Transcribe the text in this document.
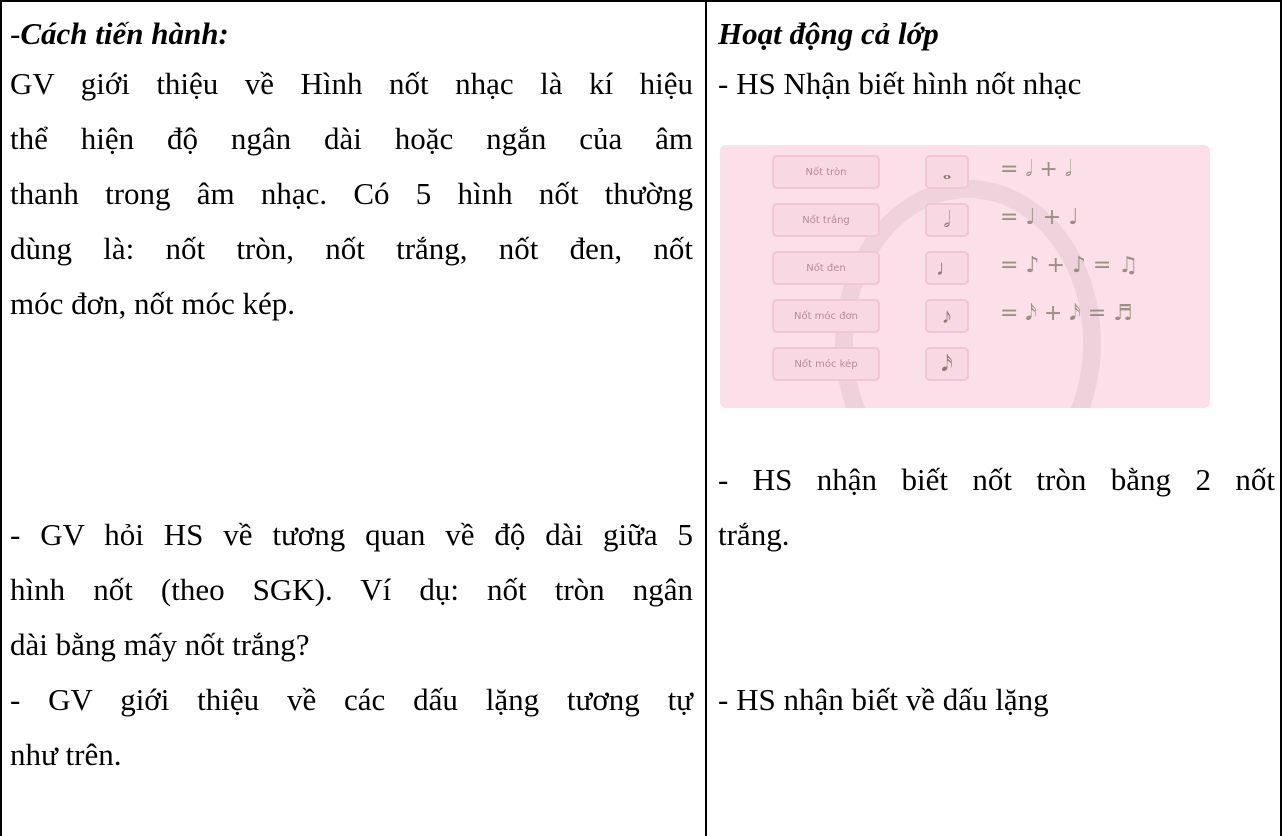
-Cách tiến hành:
GV giới thiệu về Hình nốt nhạc là kí hiệu
thể hiện độ ngân dài hoặc ngắn của âm
thanh trong âm nhạc. Có 5 hình nốt thường
dùng là: nốt tròn, nốt trắng, nốt đen, nốt
móc đơn, nốt móc kép.
- GV hỏi HS về tương quan về độ dài giữa 5
hình nốt (theo SGK). Ví dụ: nốt tròn ngân
dài bằng mấy nốt trắng?
- GV giới thiệu về các dấu lặng tương tự
như trên.
Hoạt động cả lớp
- HS Nhận biết hình nốt nhạc
Nốt tròn	𝅝	= 𝅗𝅥 + 𝅗𝅥
Nốt trắng	𝅗𝅥	= ♩ + ♩
Nốt đen	♩	= ♪ + ♪ = ♫
Nốt móc đơn	♪	= 𝅘𝅥𝅯 + 𝅘𝅥𝅯 = ♬
Nốt móc kép	𝅘𝅥𝅯
- HS nhận biết nốt tròn bằng 2 nốt
trắng.
- HS nhận biết về dấu lặng
